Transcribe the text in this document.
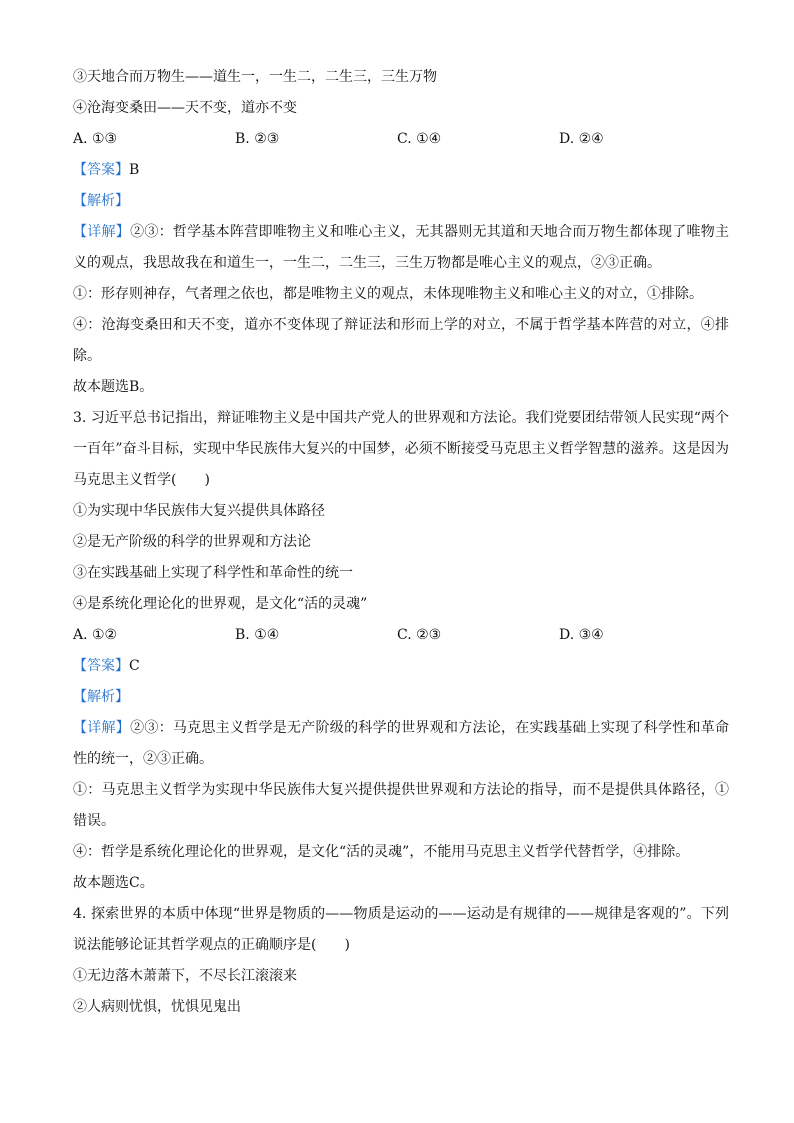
③天地合而万物生——道生一，一生二，二生三，三生万物
④沧海变桑田——天不变，道亦不变
A. ①③	B. ②③	C. ①④	D. ②④
【答案】B
【解析】
【详解】②③：哲学基本阵营即唯物主义和唯心主义，无其器则无其道和天地合而万物生都体现了唯物主义的观点，我思故我在和道生一，一生二，二生三，三生万物都是唯心主义的观点，②③正确。
①：形存则神存，气者理之依也，都是唯物主义的观点，未体现唯物主义和唯心主义的对立，①排除。
④：沧海变桑田和天不变，道亦不变体现了辩证法和形而上学的对立，不属于哲学基本阵营的对立，④排除。
故本题选B。
3. 习近平总书记指出，辩证唯物主义是中国共产党人的世界观和方法论。我们党要团结带领人民实现“两个一百年”奋斗目标，实现中华民族伟大复兴的中国梦，必须不断接受马克思主义哲学智慧的滋养。这是因为马克思主义哲学(　　)
①为实现中华民族伟大复兴提供具体路径
②是无产阶级的科学的世界观和方法论
③在实践基础上实现了科学性和革命性的统一
④是系统化理论化的世界观，是文化“活的灵魂”
A. ①②	B. ①④	C. ②③	D. ③④
【答案】C
【解析】
【详解】②③：马克思主义哲学是无产阶级的科学的世界观和方法论，在实践基础上实现了科学性和革命性的统一，②③正确。
①：马克思主义哲学为实现中华民族伟大复兴提供提供世界观和方法论的指导，而不是提供具体路径，①错误。
④：哲学是系统化理论化的世界观，是文化“活的灵魂”，不能用马克思主义哲学代替哲学，④排除。
故本题选C。
4. 探索世界的本质中体现“世界是物质的——物质是运动的——运动是有规律的——规律是客观的”。下列说法能够论证其哲学观点的正确顺序是(　　)
①无边落木萧萧下，不尽长江滚滚来
②人病则忧惧，忧惧见鬼出
